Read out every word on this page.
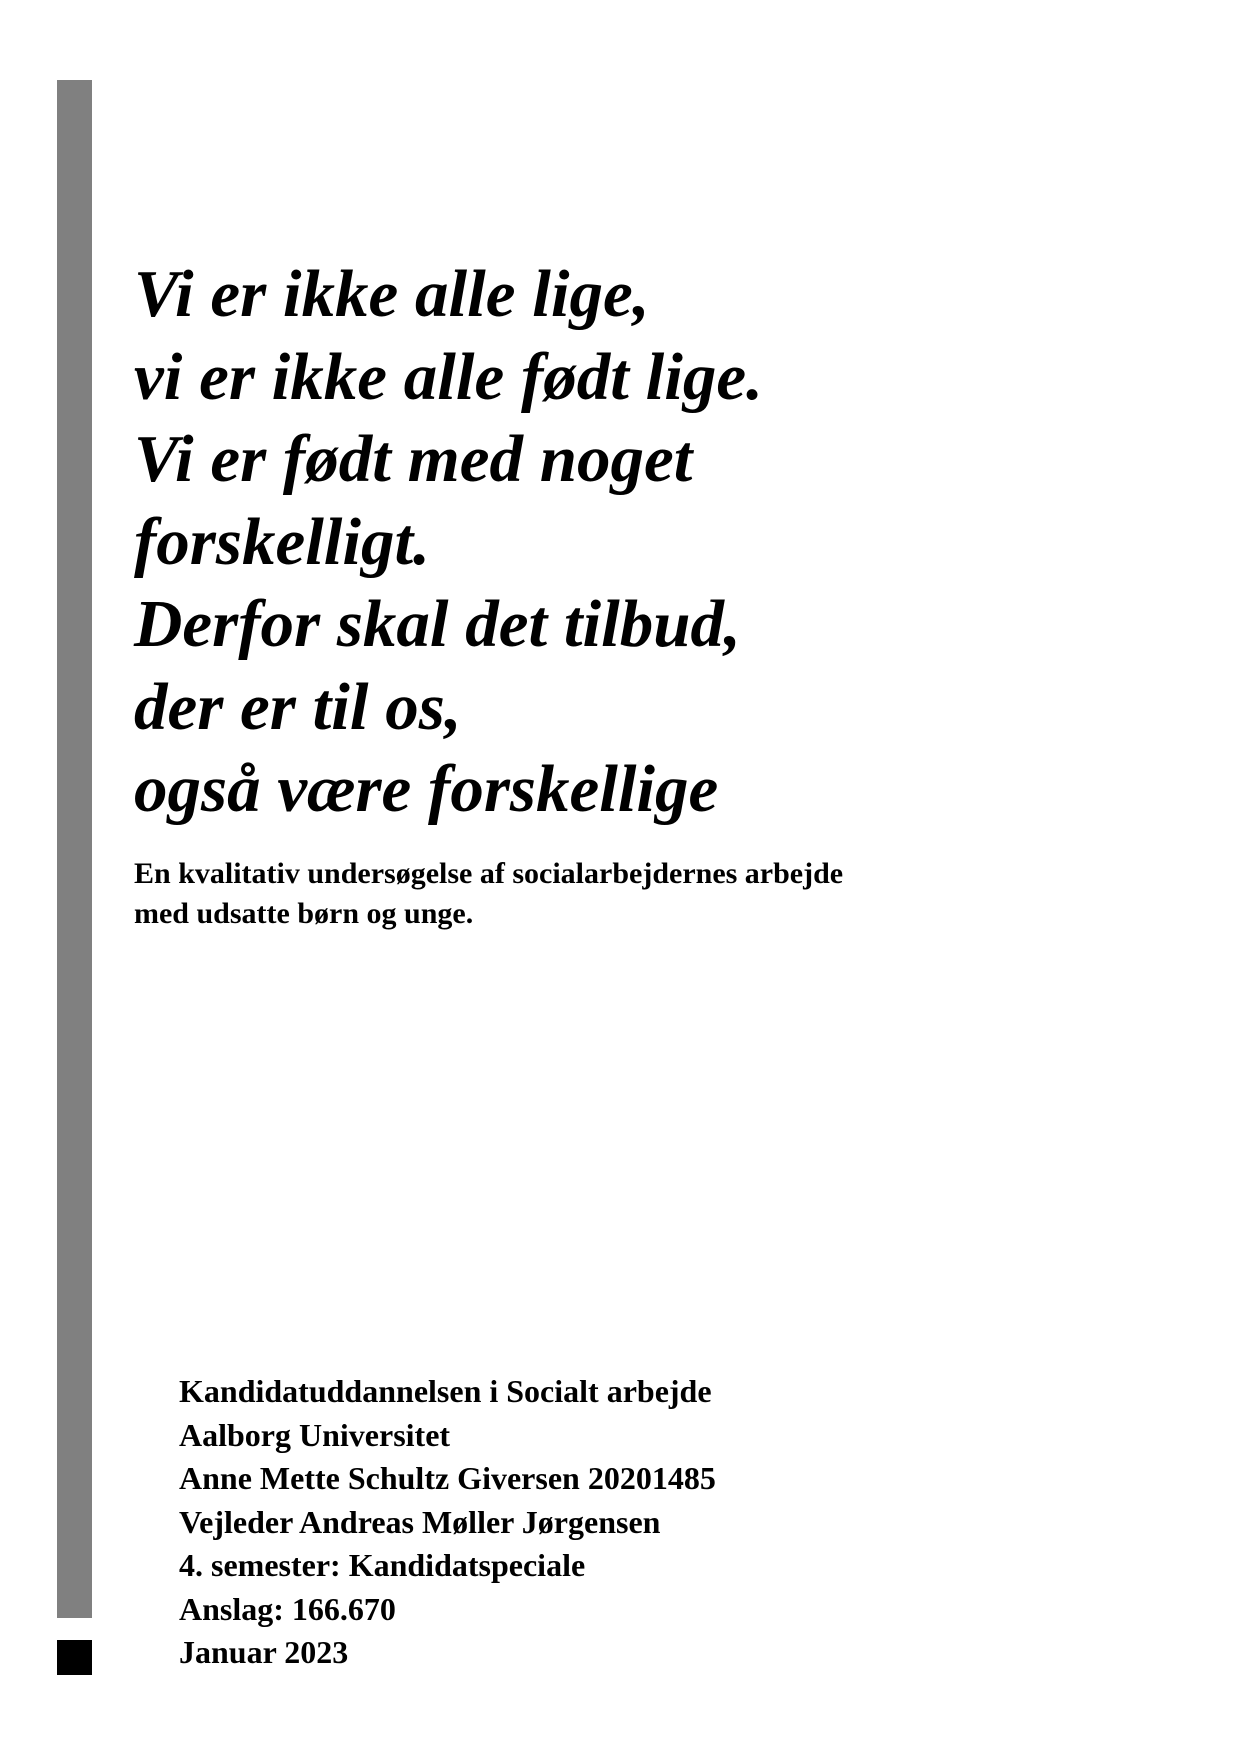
Vi er ikke alle lige,
vi er ikke alle født lige.
Vi er født med noget
forskelligt.
Derfor skal det tilbud,
der er til os,
også være forskellige
En kvalitativ undersøgelse af socialarbejdernes arbejde
med udsatte børn og unge.
Kandidatuddannelsen i Socialt arbejde
Aalborg Universitet
Anne Mette Schultz Giversen 20201485
Vejleder Andreas Møller Jørgensen
4. semester: Kandidatspeciale
Anslag: 166.670
Januar 2023
